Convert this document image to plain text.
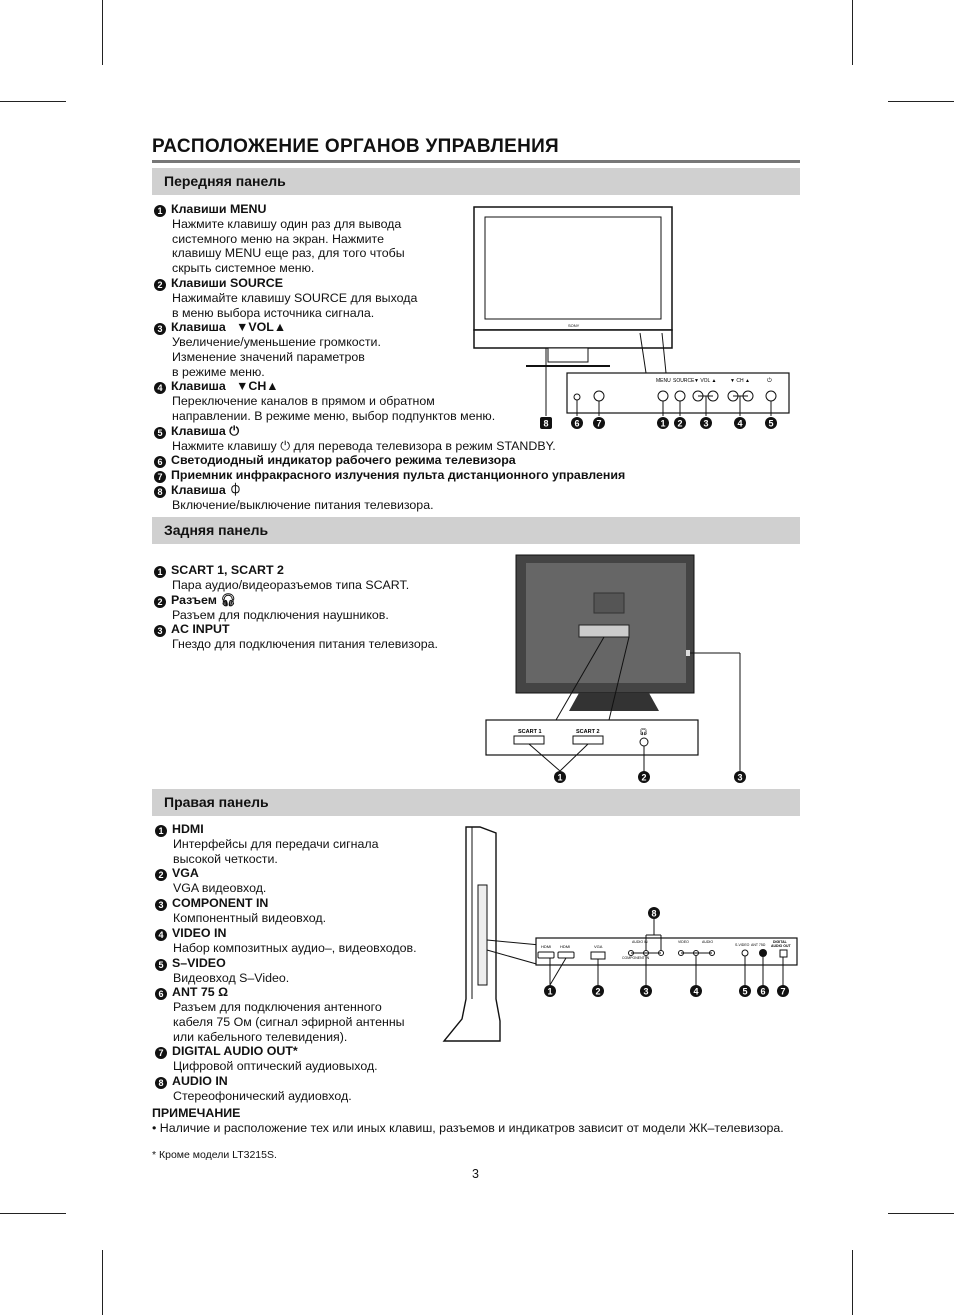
РАСПОЛОЖЕНИЕ ОРГАНОВ УПРАВЛЕНИЯ
Передняя панель
1 Клавиши MENU
Нажмите клавишу один раз для вывода
системного меню на экран. Нажмите
клавишу MENU еще раз, для того чтобы
скрыть системное меню.
2 Клавиши SOURCE
Нажимайте клавишу SOURCE для выхода
в меню выбора источника сигнала.
3 Клавиша ▼VOL▲
Увеличение/уменьшение громкости.
Изменение значений параметров
в режиме меню.
4 Клавиша ▼CH▲
Переключение каналов в прямом и обратном
направлении. В режиме меню, выбор подпунктов меню.
5 Клавиша ⏻
Нажмите клавишу ⏻ для перевода телевизора в режим STANDBY.
6 Светодиодный индикатор рабочего режима телевизора
7 Приемник инфракрасного излучения пульта дистанционного управления
8 Клавиша ⏀
Включение/выключение питания телевизора.
SONY
MENU SOURCE ▼ VOL ▲	▼ CH ▲	⏻
8	6 7	1 2 3	4	5
Задняя панель
1 SCART 1, SCART 2
Пара аудио/видеоразъемов типа SCART.
2 Разъем 🎧︎
Разъем для подключения наушников.
3 AC INPUT
Гнездо для подключения питания телевизора.
SCART 1	SCART 2	🎧︎
1	2	3
Правая панель
1 HDMI
Интерфейсы для передачи сигнала
высокой четкости.
2 VGA
VGA видеовход.
3 COMPONENT IN
Компонентный видеовход.
4 VIDEO IN
Набор композитных аудио–, видеовходов.
5 S–VIDEO
Видеовход S–Video.
6 ANT 75 Ω
Разъем для подключения антенного
кабеля 75 Ом (сигнал эфирной антенны
или кабельного телевидения).
7 DIGITAL AUDIO OUT*
Цифровой оптический аудиовыход.
8 AUDIO IN
Стереофонический аудиовход.
HDMI HDMI	VGA
AUDIO IN
COMPONENT IN
VIDEO	AUDIO
S-VIDEO ANT 75Ω
DIGITAL
AUDIO OUT
8
1	2	3	4	5 6 7
ПРИМЕЧАНИЕ
• Наличие и расположение тех или иных клавиш, разъемов и индикатров зависит от модели ЖК–телевизора.
* Кроме модели LT3215S.
3
